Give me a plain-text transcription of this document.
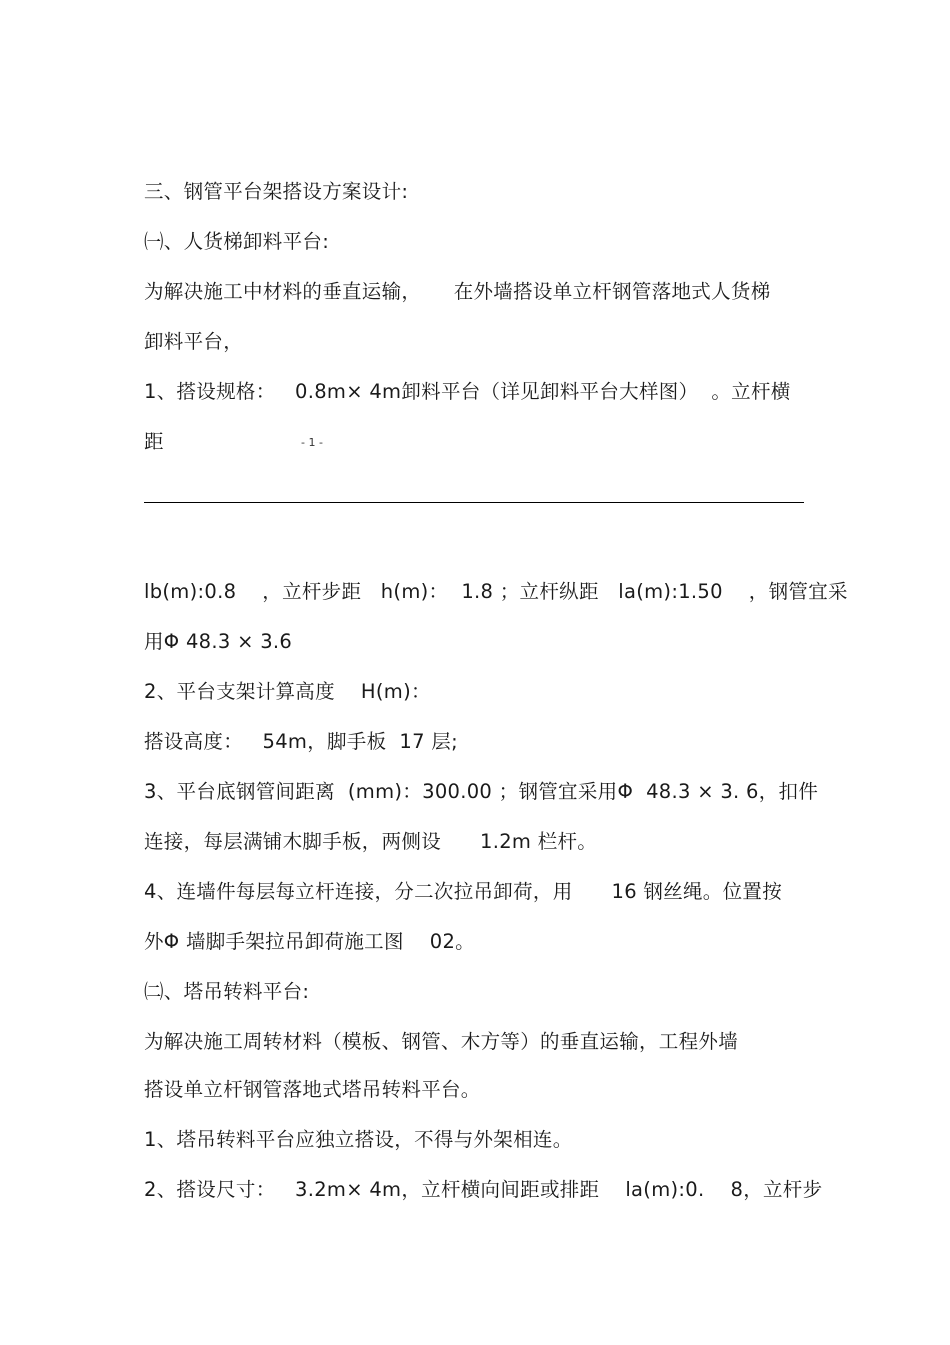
三、钢管平台架搭设方案设计:
㈠、人货梯卸料平台:
为解决施工中材料的垂直运输，     在外墙搭设单立杆钢管落地式人货梯
卸料平台，
1、搭设规格：   0.8m× 4m卸料平台（详见卸料平台大样图）  。立杆横
距	- 1 -
lb(m):0.8    ，立杆步距   h(m)：  1.8 ；立杆纵距   la(m):1.50    ，钢管宜采
用Φ 48.3 × 3.6
2、平台支架计算高度    H(m)：
搭设高度：   54m，脚手板  17 层;
3、平台底钢管间距离  (mm)：300.00 ；钢管宜采用Φ  48.3 × 3. 6，扣件
连接，每层满铺木脚手板，两侧设      1.2m 栏杆。
4、连墙件每层每立杆连接，分二次拉吊卸荷，用      16 钢丝绳。位置按
外Φ 墙脚手架拉吊卸荷施工图    02。
㈡、塔吊转料平台:
为解决施工周转材料（模板、钢管、木方等）的垂直运输，工程外墙
搭设单立杆钢管落地式塔吊转料平台。
1、塔吊转料平台应独立搭设，不得与外架相连。
2、搭设尺寸：   3.2m× 4m，立杆横向间距或排距    la(m):0.    8，立杆步
